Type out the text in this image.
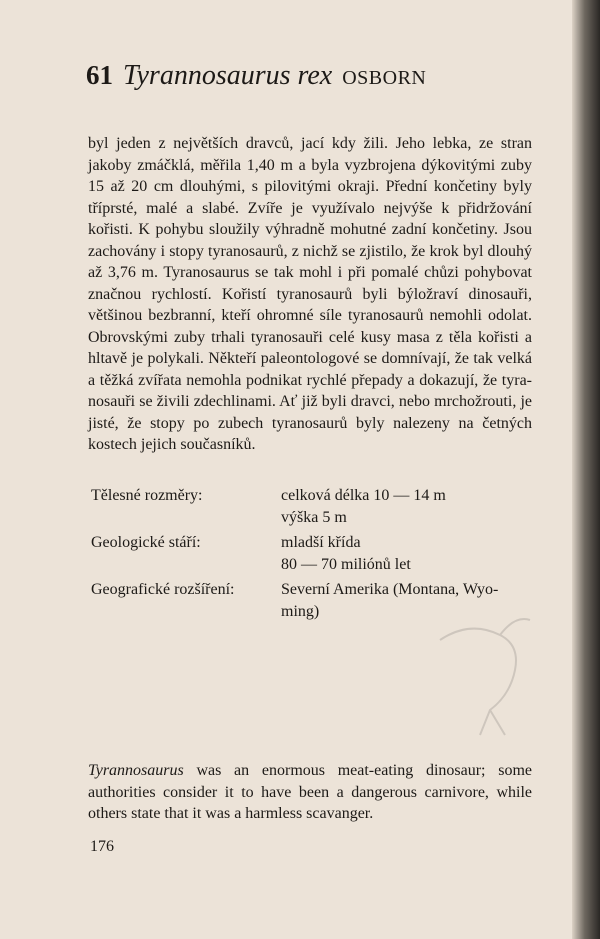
61 Tyrannosaurus rex OSBORN
byl jeden z největších dravců, jací kdy žili. Jeho lebka, ze stran jakoby zmáčklá, měřila 1,40 m a byla vyzbrojena dýkovitými zuby 15 až 20 cm dlouhými, s pilovitými okraji. Přední končetiny byly tříprsté, malé a slabé. Zvíře je využívalo nejvýše k přidržování kořisti. K pohybu sloužily výhradně mohutné zadní končetiny. Jsou zachovány i stopy tyranosaurů, z nichž se zjistilo, že krok byl dlouhý až 3,76 m. Tyranosaurus se tak mohl i při pomalé chůzi pohybovat značnou rychlostí. Kořistí tyranosaurů byli býložraví dinosauři, většinou bezbranní, kteří ohromné síle tyranosaurů nemohli odolat. Obrovskými zuby trhali tyranosauři celé kusy masa z těla kořisti a hltavě je polykali. Někteří paleontologové se domnívají, že tak velká a těžká zvířata nemohla podnikat rychlé přepady a dokazují, že tyranosauři se živili zdechlinami. Ať již byli dravci, nebo mrchožrouti, je jisté, že stopy po zubech tyranosaurů byly nalezeny na četných kostech jejich současníků.
Tělesné rozměry:	celková délka 10 — 14 m
výška 5 m
Geologické stáří:	mladší křída
80 — 70 miliónů let
Geografické rozšíření:	Severní Amerika (Montana, Wyo-ming)
Tyrannosaurus was an enormous meat-eating dinosaur; some authorities consider it to have been a dangerous carnivore, while others state that it was a harmless scavanger.
176
